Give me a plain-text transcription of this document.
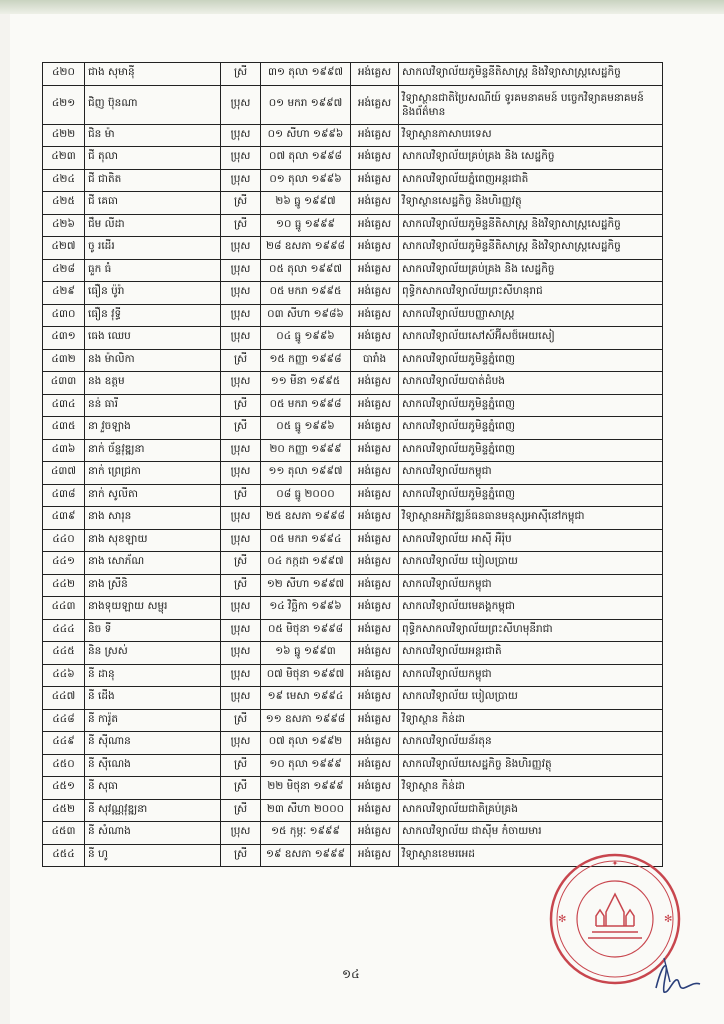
៤២០	ជាង សុមាន៉ី	ស្រី	៣១ តុលា ១៩៩៧	អង់គ្លេស	សាកលវិទ្យាល័យភូមិន្ទនីតិសាស្ត្រ និងវិទ្យាសាស្ត្រសេដ្ឋកិច្ច
៤២១	ជិញ ប៊ុនណា	ប្រុស	០១ មករា ១៩៩៧	អង់គ្លេស	វិទ្យាស្ថានជាតិប្រៃសណីយ៍ ទូរគមនាគមន៍ បច្ចេកវិទ្យាគមនាគមន៍ និងព័ត៌មាន
៤២២	ជិន ម៉ា	ប្រុស	០១ សីហា ១៩៩៦	អង់គ្លេស	វិទ្យាស្ថានភាសាបរទេស
៤២៣	ជី តុលា	ប្រុស	០៧ តុលា ១៩៩៨	អង់គ្លេស	សាកលវិទ្យាល័យគ្រប់គ្រង និង សេដ្ឋកិច្ច
៤២៤	ជី ជាតិត	ប្រុស	០១ តុលា ១៩៩៦	អង់គ្លេស	សាកលវិទ្យាល័យភ្នំពេញអន្តរជាតិ
៤២៥	ជី គេធា	ស្រី	២៦ ធ្នូ ១៩៩៧	អង់គ្លេស	វិទ្យាស្ថានសេដ្ឋកិច្ច និងហិរញ្ញវត្ថុ
៤២៦	ជឹម លីដា	ស្រី	១០ ធ្នូ ១៩៩៩	អង់គ្លេស	សាកលវិទ្យាល័យភូមិន្ទនីតិសាស្ត្រ និងវិទ្យាសាស្ត្រសេដ្ឋកិច្ច
៤២៧	ចូ រដើរ	ប្រុស	២៨ ឧសភា ១៩៩៨	អង់គ្លេស	សាកលវិទ្យាល័យភូមិន្ទនីតិសាស្ត្រ និងវិទ្យាសាស្ត្រសេដ្ឋកិច្ច
៤២៨	ធួក ធំ	ប្រុស	០៥ តុលា ១៩៩៧	អង់គ្លេស	សាកលវិទ្យាល័យគ្រប់គ្រង និង សេដ្ឋកិច្ច
៤២៩	ធឿន ប៉ូរ៉ា	ប្រុស	០៥ មករា ១៩៩៥	អង់គ្លេស	ពុទ្ធិកសាកលវិទ្យាល័យព្រះសីហនុរាជ
៤៣០	ធឿន វុទ្ធី	ប្រុស	០៣ សីហា ១៩៨៦	អង់គ្លេស	សាកលវិទ្យាល័យបញ្ញាសាស្ត្រ
៤៣១	ធេង ឈេប	ប្រុស	០៤ ធ្នូ ១៩៩៦	អង់គ្លេស	សាកលវិទ្យាល័យសៅស៍អ៊ីសថ៍អេយសៀ
៤៣២	នង ម៉ាលិកា	ស្រី	១៥ កញ្ញា ១៩៩៨	បារាំង	សាកលវិទ្យាល័យភូមិន្ទភ្នំពេញ
៤៣៣	នង ឧត្តម	ប្រុស	១១ មីនា ១៩៩៥	អង់គ្លេស	សាកលវិទ្យាល័យបាត់ដំបង
៤៣៤	នន់ ធារី	ស្រី	០៥ មករា ១៩៩៨	អង់គ្លេស	សាកលវិទ្យាល័យភូមិន្ទភ្នំពេញ
៤៣៥	នា វួចឡាង	ស្រី	០៥ ធ្នូ ១៩៩៦	អង់គ្លេស	សាកលវិទ្យាល័យភូមិន្ទភ្នំពេញ
៤៣៦	នាក់ ច័ន្ទវុឌ្ឍនា	ប្រុស	២០ កញ្ញា ១៩៩៩	អង់គ្លេស	សាកលវិទ្យាល័យភូមិន្ទភ្នំពេញ
៤៣៧	នាក់ ព្រេជ្រកា	ប្រុស	១១ តុលា ១៩៩៧	អង់គ្លេស	សាកលវិទ្យាល័យកម្ពុជា
៤៣៨	នាក់ សូលីតា	ស្រី	០៨ ធ្នូ ២០០០	អង់គ្លេស	សាកលវិទ្យាល័យភូមិន្ទភ្នំពេញ
៤៣៩	នាង សារុន	ប្រុស	២៥ ឧសភា ១៩៩៨	អង់គ្លេស	វិទ្យាស្ថានអភិវឌ្ឍន៍ធនធានមនុស្សអាស៊ីនៅកម្ពុជា
៤៤០	នាង សុខឡាយ	ប្រុស	០៥ មករា ១៩៩៤	អង់គ្លេស	សាកលវិទ្យាល័យ អាស៊ី អឺរ៉ុប
៤៤១	នាង សោភ័ណ	ស្រី	០៤ កក្កដា ១៩៩៧	អង់គ្លេស	សាកលវិទ្យាល័យ បៀលប្រាយ
៤៤២	នាង ស្រីនិ	ស្រី	១២ សីហា ១៩៩៧	អង់គ្លេស	សាកលវិទ្យាល័យកម្ពុជា
៤៤៣	នាងទុយឡាយ សម្ផុរ	ប្រុស	១៤ វិច្ឆិកា ១៩៩៦	អង់គ្លេស	សាកលវិទ្យាល័យមេគង្គកម្ពុជា
៤៤៤	និច ទី	ប្រុស	០៥ មិថុនា ១៩៩៨	អង់គ្លេស	ពុទ្ធិកសាកលវិទ្យាល័យព្រះសីហមុនីរាជា
៤៤៥	និន ស្រស់	ប្រុស	១៦ ធ្នូ ១៩៩៣	អង់គ្លេស	សាកលវិទ្យាល័យអន្តរជាតិ
៤៤៦	នី ដានុ	ប្រុស	០៧ មិថុនា ១៩៩៧	អង់គ្លេស	សាកលវិទ្យាល័យកម្ពុជា
៤៤៧	នី ដើង	ប្រុស	១៩ មេសា ១៩៩៤	អង់គ្លេស	សាកលវិទ្យាល័យ បៀលប្រាយ
៤៤៨	នី ការ៉ូត	ស្រី	១១ ឧសភា ១៩៩៨	អង់គ្លេស	វិទ្យាស្ថាន កិន់ដា
៤៤៩	នី ស៊ីណាន	ប្រុស	០៧ តុលា ១៩៩២	អង់គ្លេស	សាកលវិទ្យាល័យន័រតុន
៤៥០	នី ស៊ីណេង	ស្រី	១០ តុលា ១៩៩៩	អង់គ្លេស	សាកលវិទ្យាល័យសេដ្ឋកិច្ច និងហិរញ្ញវត្ថុ
៤៥១	នី សុធា	ស្រី	២២ មិថុនា ១៩៩៩	អង់គ្លេស	វិទ្យាស្ថាន កិន់ដា
៤៥២	នី សុវណ្ណវុឌ្ឍនា	ស្រី	២៣ សីហា ២០០០	អង់គ្លេស	សាកលវិទ្យាល័យជាតិគ្រប់គ្រង
៤៥៣	នី សំណាង	ប្រុស	១៥ កុម្ភៈ ១៩៩៩	អង់គ្លេស	សាកលវិទ្យាល័យ ជាស៊ីម កំចាយមារ
៤៥៤	នី ហូ	ស្រី	១៩ ឧសភា ១៩៩៩	អង់គ្លេស	វិទ្យាស្ថានខេមរអេដ
១៤
✦
✻	✻
